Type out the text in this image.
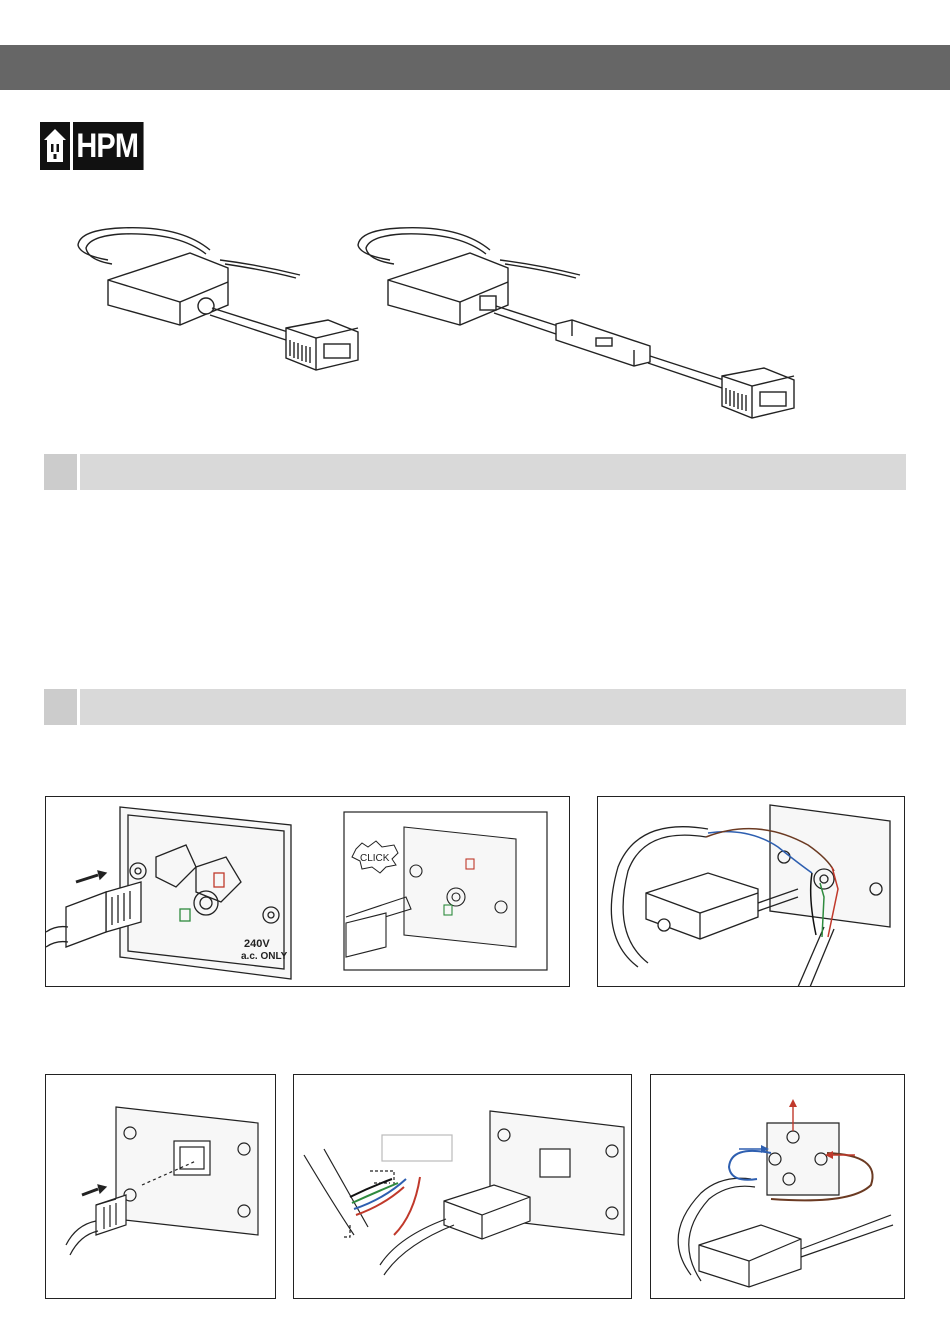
HPM
240V
a.c. ONLY
CLICK
